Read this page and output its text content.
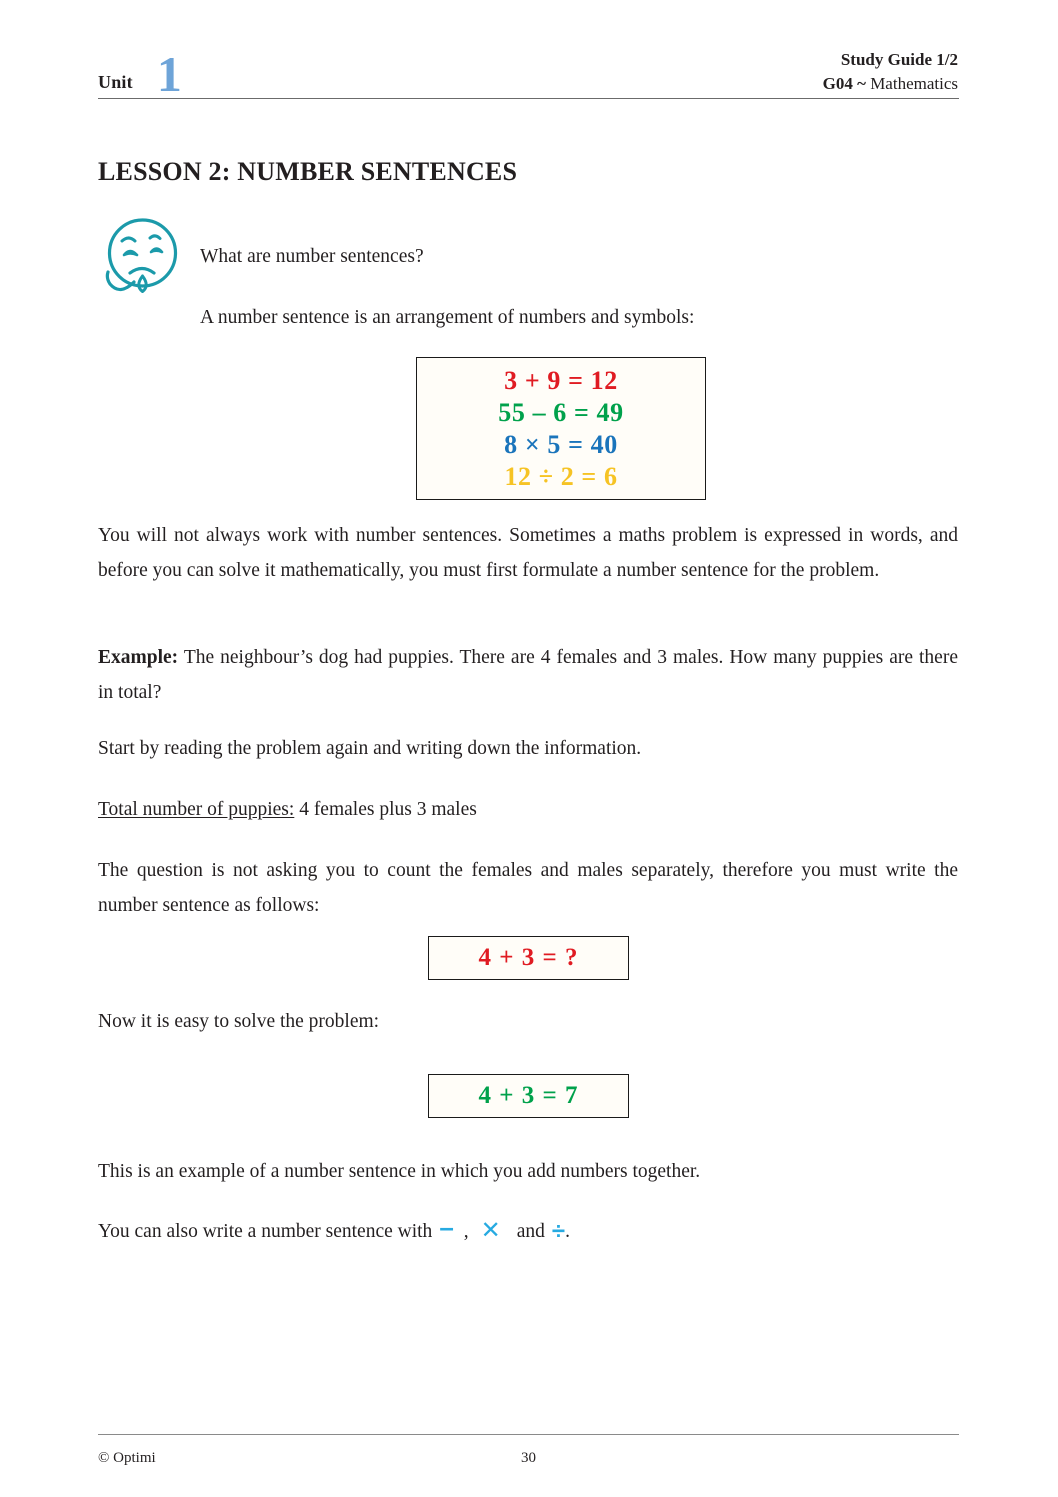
Unit 1	Study Guide 1/2
G04 ~ Mathematics
LESSON 2: NUMBER SENTENCES
What are number sentences?
A number sentence is an arrangement of numbers and symbols:
3 + 9 = 12
55 – 6 = 49
8 × 5 = 40
12 ÷ 2 = 6
You will not always work with number sentences. Sometimes a maths problem is expressed in words, and before you can solve it mathematically, you must first formulate a number sentence for the problem.
Example: The neighbour’s dog had puppies. There are 4 females and 3 males. How many puppies are there in total?
Start by reading the problem again and writing down the information.
Total number of puppies: 4 females plus 3 males
The question is not asking you to count the females and males separately, therefore you must write the number sentence as follows:
4 + 3 = ?
Now it is easy to solve the problem:
4 + 3 = 7
This is an example of a number sentence in which you add numbers together.
You can also write a number sentence with – , ✕ and ÷.
© Optimi	30
